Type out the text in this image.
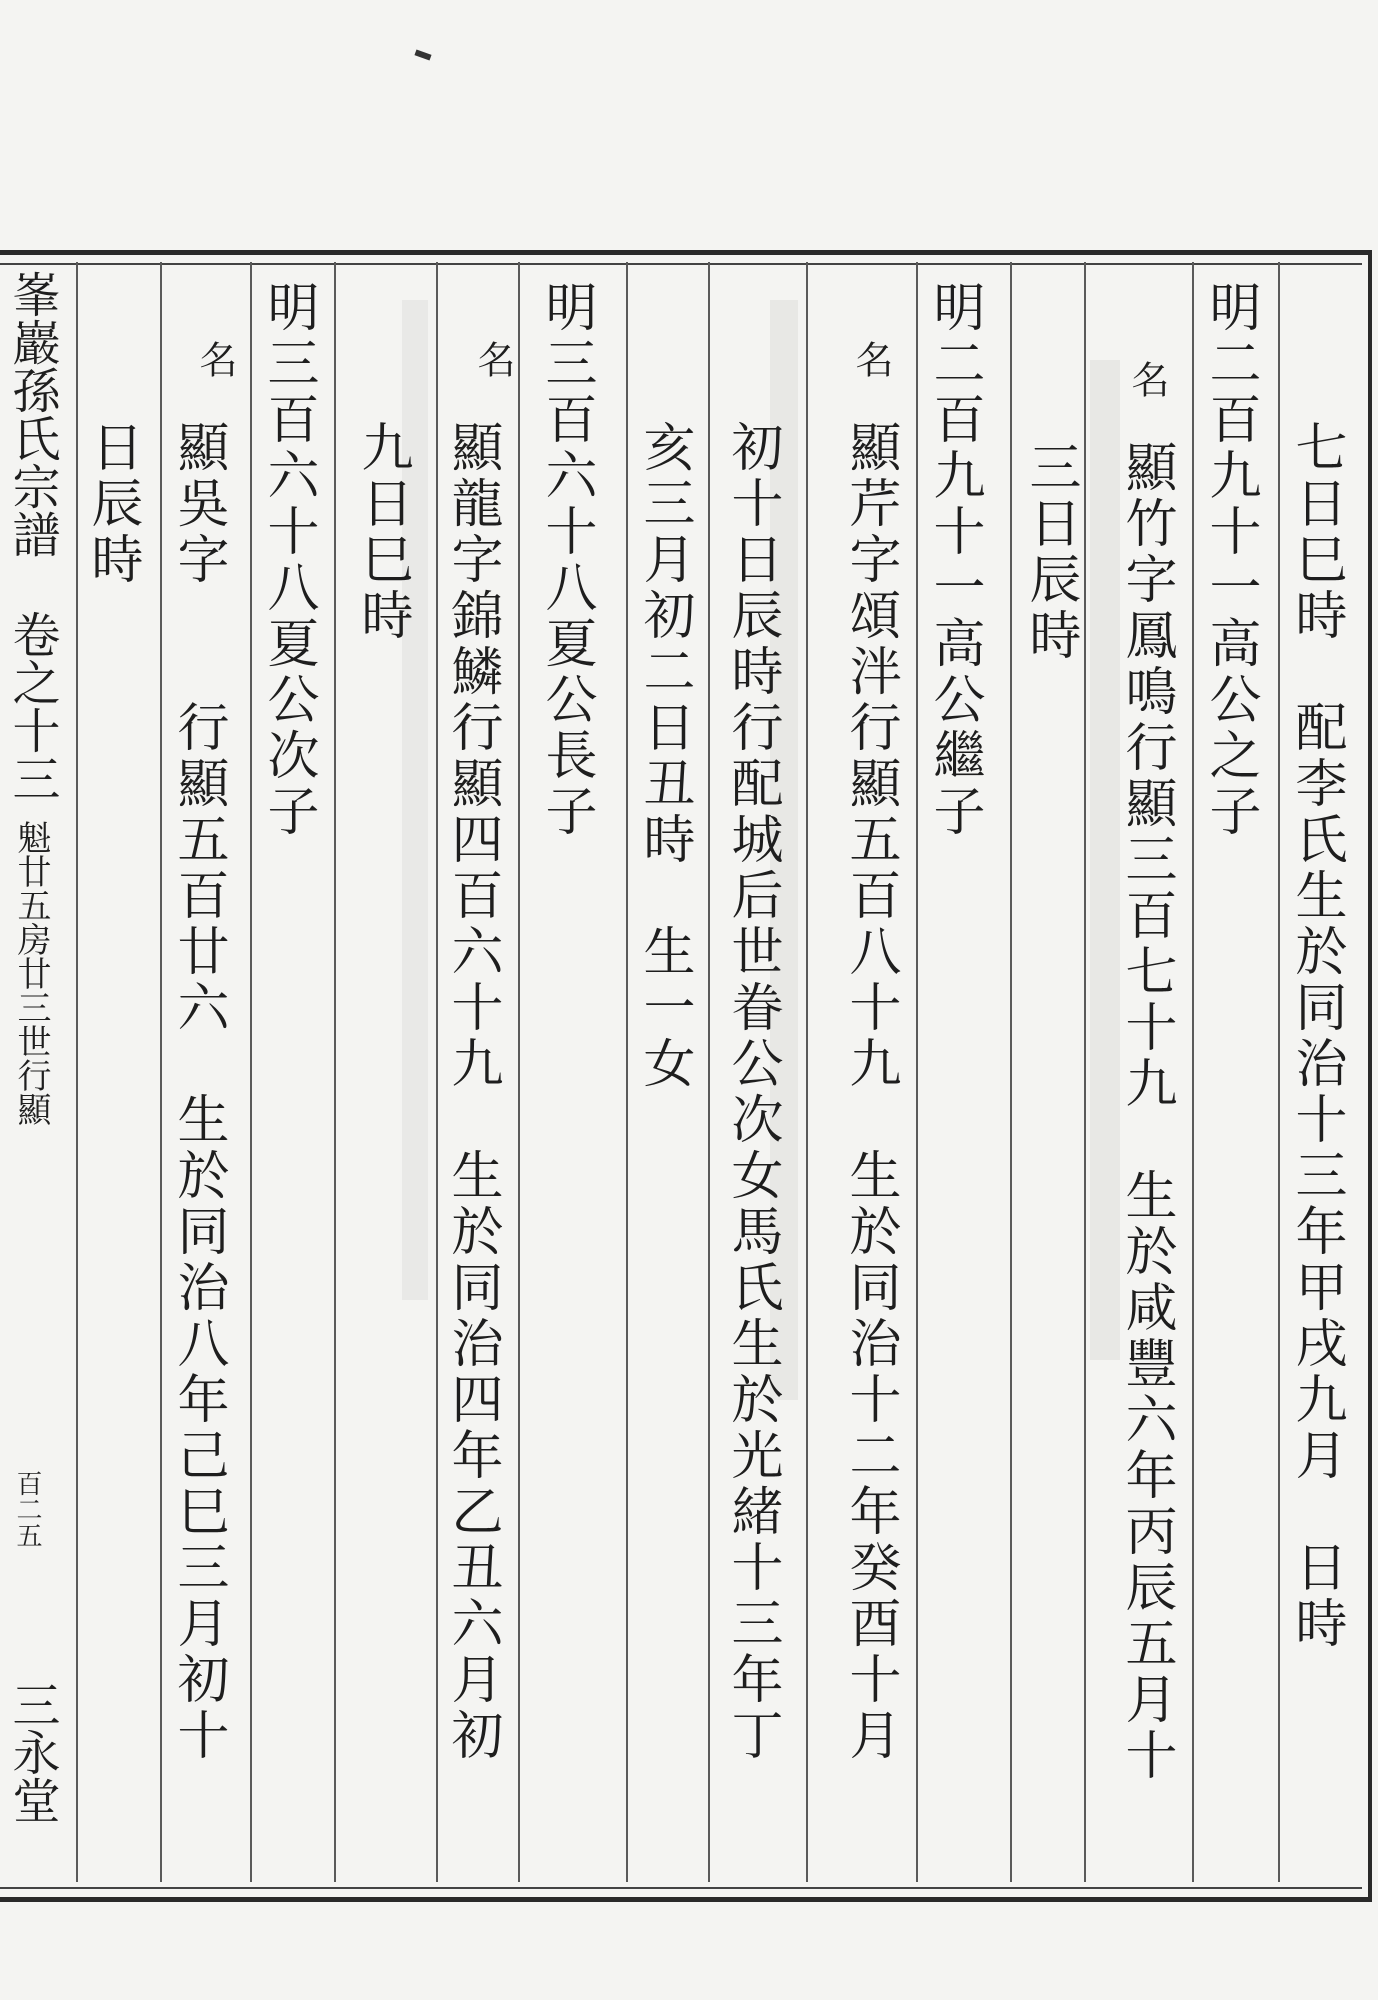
七日巳時　配李氏生於同治十三年甲戌九月　日時
明二百九十一高公之子
名
顯竹字鳳鳴行顯三百七十九　生於咸豐六年丙辰五月十
三日辰時
明二百九十一高公繼子
名
顯芹字頌泮行顯五百八十九　生於同治十二年癸酉十月
初十日辰時行配城后世眷公次女馬氏生於光緒十三年丁
亥三月初二日丑時　生一女
明三百六十八夏公長子
名
顯龍字錦鱗行顯四百六十九　生於同治四年乙丑六月初
九日巳時
明三百六十八夏公次子
名
顯吳字　　行顯五百廿六　生於同治八年己巳三月初十
日辰時
峯巖孫氏宗譜
卷之十三
魁廿五房廿三世行顯
百二五
三永堂
